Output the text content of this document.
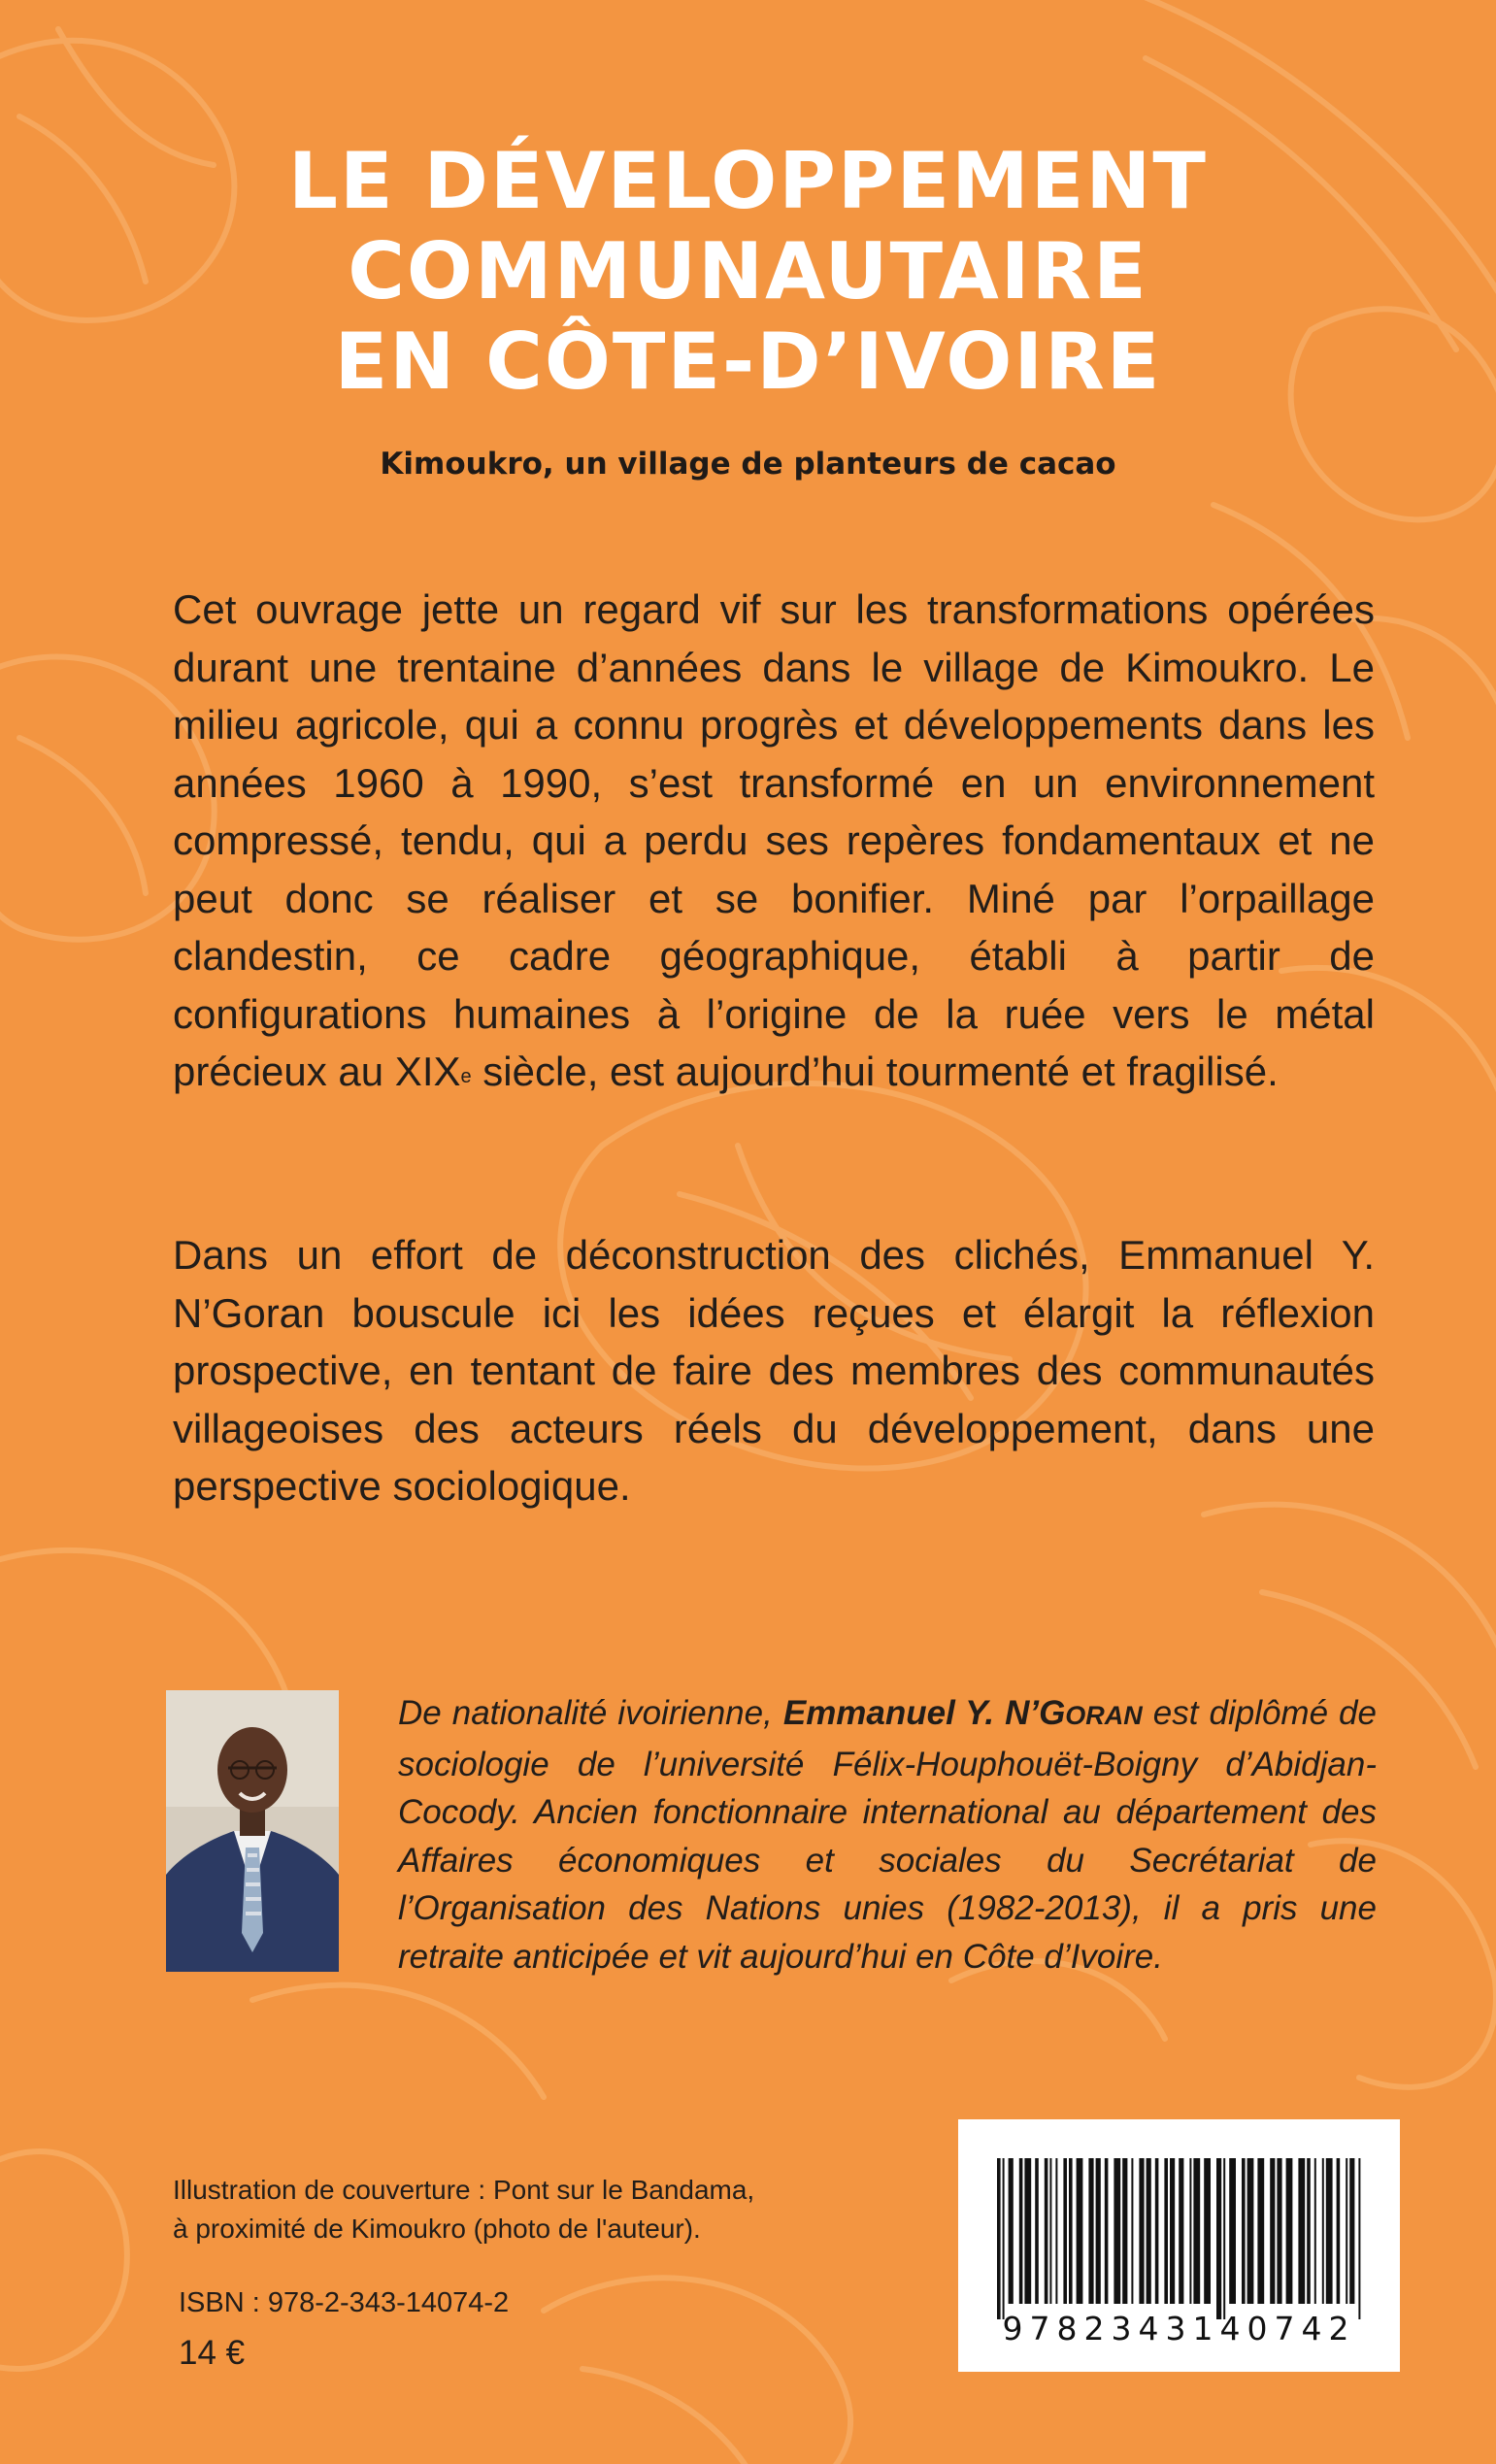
LE DÉVELOPPEMENT
COMMUNAUTAIRE
EN CÔTE-D’IVOIRE

Kimoukro, un village de planteurs de cacao

Cet ouvrage jette un regard vif sur les transformations opérées durant une trentaine d’années dans le village de Kimoukro. Le milieu agricole, qui a connu progrès et développements dans les années 1960 à 1990, s’est transformé en un environnement compressé, tendu, qui a perdu ses repères fondamentaux et ne peut donc se réaliser et se bonifier. Miné par l’orpaillage clandestin, ce cadre géographique, établi à partir de configurations humaines à l’origine de la ruée vers le métal précieux au XIXe siècle, est aujourd’hui tourmenté et fragilisé.

Dans un effort de déconstruction des clichés, Emmanuel Y. N’Goran bouscule ici les idées reçues et élargit la réflexion prospective, en tentant de faire des membres des communautés villageoises des acteurs réels du développement, dans une perspective sociologique.

De nationalité ivoirienne, Emmanuel Y. N’GORAN est diplômé de sociologie de l’université Félix-Houphouët-Boigny d’Abidjan-Cocody. Ancien fonctionnaire international au département des Affaires économiques et sociales du Secrétariat de l’Organisation des Nations unies (1982-2013), il a pris une retraite anticipée et vit aujourd’hui en Côte d’Ivoire.

Illustration de couverture : Pont sur le Bandama,
à proximité de Kimoukro (photo de l'auteur).

ISBN : 978-2-343-14074-2

14 €

9782343140742
